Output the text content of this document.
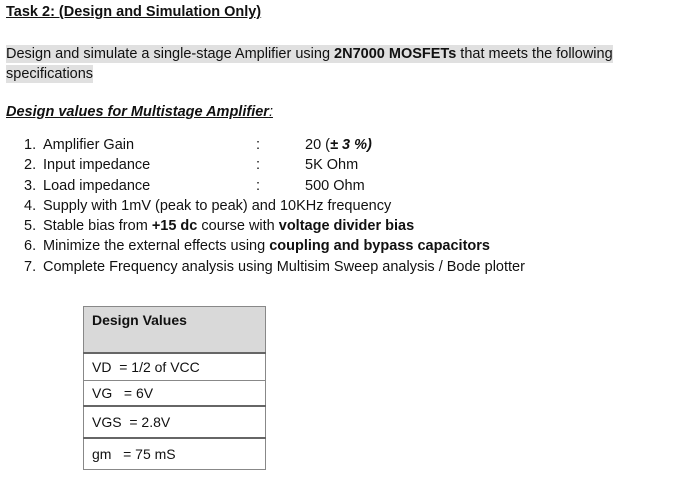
Task 2: (Design and Simulation Only)
Design and simulate a single-stage Amplifier using 2N7000 MOSFETs that meets the following specifications
Design values for Multistage Amplifier:
1. Amplifier Gain	:	20 (± 3 %)
2. Input impedance	:	5K Ohm
3. Load impedance	:	500 Ohm
4. Supply with 1mV (peak to peak) and 10KHz frequency
5. Stable bias from +15 dc course with voltage divider bias
6. Minimize the external effects using coupling and bypass capacitors
7. Complete Frequency analysis using Multisim Sweep analysis / Bode plotter
Design Values
VD  = 1/2 of VCC
VG   = 6V
VGS  = 2.8V
gm   = 75 mS
